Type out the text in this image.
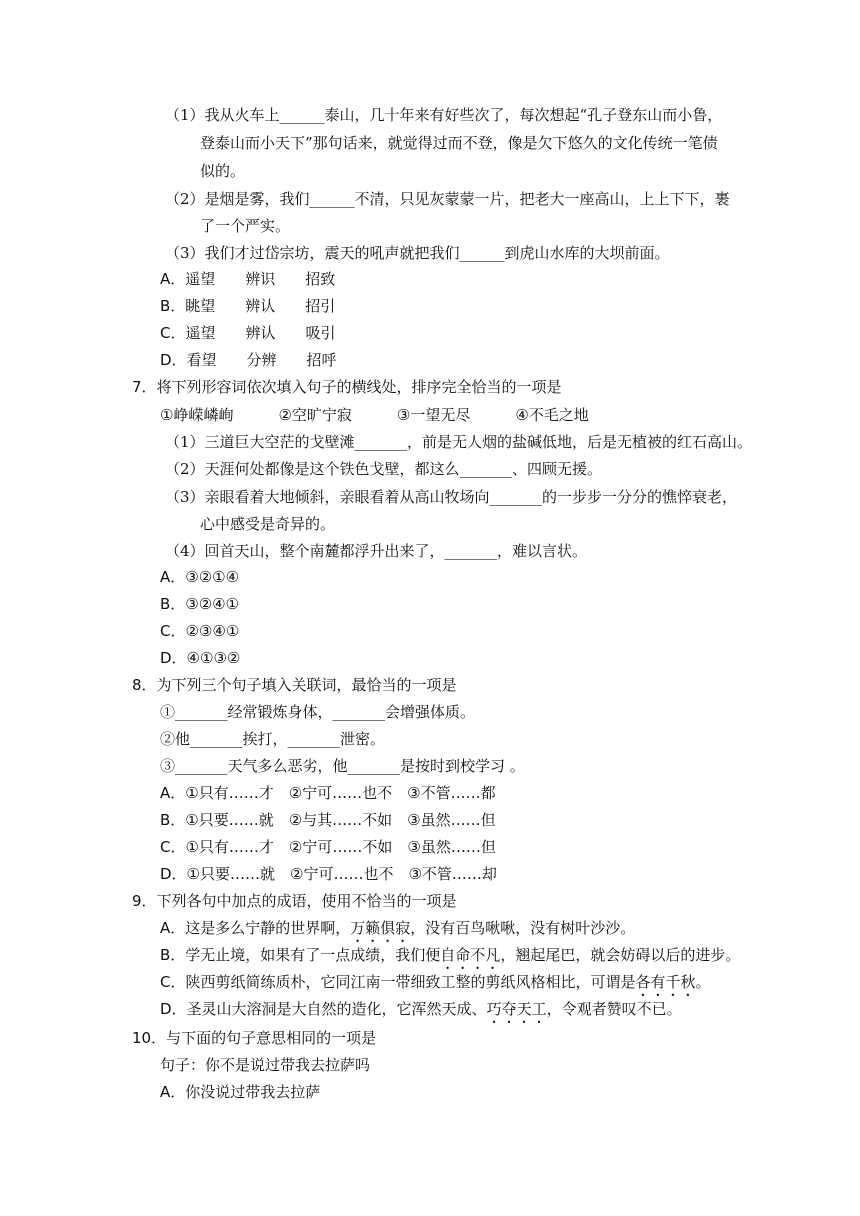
（1）我从火车上______泰山，几十年来有好些次了，每次想起“孔子登东山而小鲁，
登泰山而小天下”那句话来，就觉得过而不登，像是欠下悠久的文化传统一笔债
似的。
（2）是烟是雾，我们______不清，只见灰蒙蒙一片，把老大一座高山，上上下下，裹
了一个严实。
（3）我们才过岱宗坊，震天的吼声就把我们______到虎山水库的大坝前面。
A．遥望　　辨识　　招致
B．眺望　　辨认　　招引
C．遥望　　辨认　　吸引
D．看望　　分辨　　招呼
7．将下列形容词依次填入句子的横线处，排序完全恰当的一项是
①峥嵘嶙峋　　　②空旷宁寂　　　③一望无尽　　　④不毛之地
（1）三道巨大空茫的戈壁滩_______，前是无人烟的盐碱低地，后是无植被的红石高山。
（2）天涯何处都像是这个铁色戈壁，都这么_______、四顾无援。
（3）亲眼看着大地倾斜，亲眼看着从高山牧场向_______的一步步一分分的憔悴衰老，
心中感受是奇异的。
（4）回首天山，整个南麓都浮升出来了，_______，难以言状。
A．③②①④
B．③②④①
C．②③④①
D．④①③②
8．为下列三个句子填入关联词，最恰当的一项是
①_______经常锻炼身体，_______会增强体质。
②他_______挨打，_______泄密。
③_______天气多么恶劣，他_______是按时到校学习 。
A．①只有……才　②宁可……也不　③不管……都
B．①只要……就　②与其……不如　③虽然……但
C．①只有……才　②宁可……不如　③虽然……但
D．①只要……就　②宁可……也不　③不管……却
9．下列各句中加点的成语，使用不恰当的一项是
A．这是多么宁静的世界啊，万籁俱寂，没有百鸟啾啾，没有树叶沙沙。
B．学无止境，如果有了一点成绩，我们便自命不凡，翘起尾巴，就会妨碍以后的进步。
C．陕西剪纸简练质朴，它同江南一带细致工整的剪纸风格相比，可谓是各有千秋。
D．圣灵山大溶洞是大自然的造化，它浑然天成、巧夺天工，令观者赞叹不已。
10．与下面的句子意思相同的一项是
句子：你不是说过带我去拉萨吗
A．你没说过带我去拉萨
